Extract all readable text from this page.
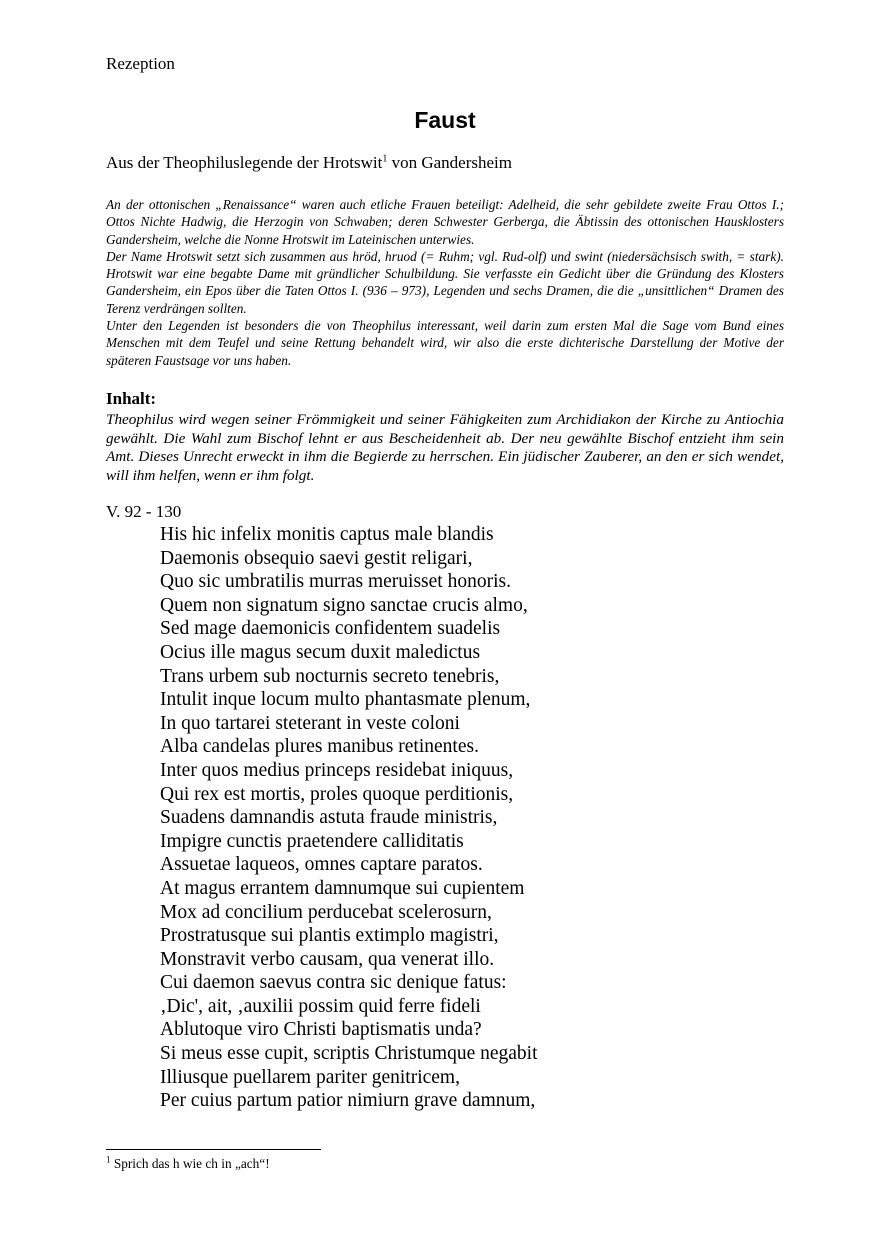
Rezeption
Faust
Aus der Theophiluslegende der Hrotswit$^1$ von Gandersheim

An der ottonischen „Renaissance“ waren auch etliche Frauen beteiligt: Adelheid, die sehr gebildete zweite Frau Ottos I.; Ottos Nichte Hadwig, die Herzogin von Schwaben; deren Schwester Gerberga, die Äbtissin des ottonischen Hausklosters Gandersheim, welche die Nonne Hrotswit im Lateinischen unterwies.

Der Name Hrotswit setzt sich zusammen aus hröd, hruod (= Ruhm; vgl. Rud-olf) und swint (niedersächsisch swith, = stark). Hrotswit war eine begabte Dame mit gründlicher Schulbildung. Sie verfasste ein Gedicht über die Gründung des Klosters Gandersheim, ein Epos über die Taten Ottos I. (936 – 973), Legenden und sechs Dramen, die die „unsittlichen“ Dramen des Terenz verdrängen sollten.

Unter den Legenden ist besonders die von Theophilus interessant, weil darin zum ersten Mal die Sage vom Bund eines Menschen mit dem Teufel und seine Rettung behandelt wird, wir also die erste dichterische Darstellung der Motive der späteren Faustsage vor uns haben.

Inhalt:

Theophilus wird wegen seiner Frömmigkeit und seiner Fähigkeiten zum Archidiakon der Kirche zu Antiochia gewählt. Die Wahl zum Bischof lehnt er aus Bescheidenheit ab. Der neu gewählte Bischof entzieht ihm sein Amt. Dieses Unrecht erweckt in ihm die Begierde zu herrschen. Ein jüdischer Zauberer, an den er sich wendet, will ihm helfen, wenn er ihm folgt.

V. 92 - 130
His hic infelix monitis captus male blandis
Daemonis obsequio saevi gestit religari,
Quo sic umbratilis murras meruisset honoris.
Quem non signatum signo sanctae crucis almo,
Sed mage daemonicis confidentem suadelis
Ocius ille magus secum duxit maledictus
Trans urbem sub nocturnis secreto tenebris,
Intulit inque locum multo phantasmate plenum,
In quo tartarei steterant in veste coloni
Alba candelas plures manibus retinentes.
Inter quos medius princeps residebat iniquus,
Qui rex est mortis, proles quoque perditionis,
Suadens damnandis astuta fraude ministris,
Impigre cunctis praetendere calliditatis
Assuetae laqueos, omnes captare paratos.
At magus errantem damnumque sui cupientem
Mox ad concilium perducebat scelerosurn,
Prostratusque sui plantis extimplo magistri,
Monstravit verbo causam, qua venerat illo.
Cui daemon saevus contra sic denique fatus:
‚Dic', ait, ‚auxilii possim quid ferre fideli
Ablutoque viro Christi baptismatis unda?
Si meus esse cupit, scriptis Christumque negabit
Illiusque puellarem pariter genitricem,
Per cuius partum patior nimiurn grave damnum,
$^1$ Sprich das h wie ch in „ach“!
